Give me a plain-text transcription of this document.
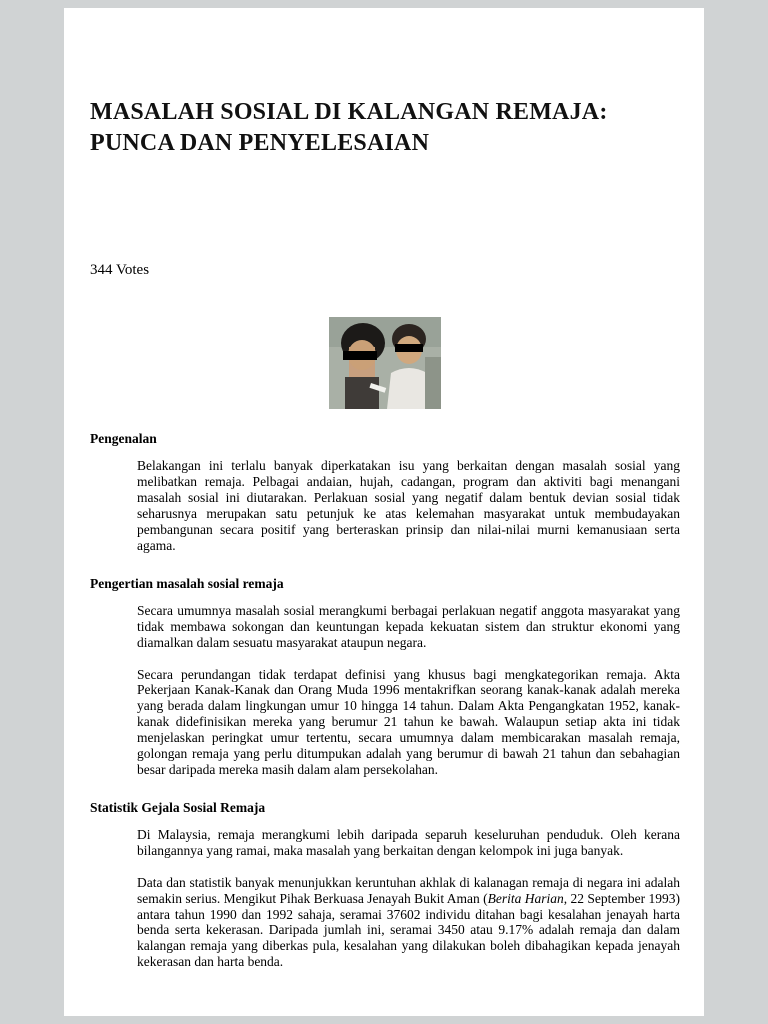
MASALAH SOSIAL DI KALANGAN REMAJA: PUNCA DAN PENYELESAIAN
344 Votes
Pengenalan

Belakangan ini terlalu banyak diperkatakan isu yang berkaitan dengan masalah sosial yang melibatkan remaja. Pelbagai andaian, hujah, cadangan, program dan aktiviti bagi menangani masalah sosial ini diutarakan. Perlakuan sosial yang negatif dalam bentuk devian sosial tidak seharusnya merupakan satu petunjuk ke atas kelemahan masyarakat untuk membudayakan pembangunan secara positif yang berteraskan prinsip dan nilai-nilai murni kemanusiaan serta agama.

Pengertian masalah sosial remaja

Secara umumnya masalah sosial merangkumi berbagai perlakuan negatif anggota masyarakat yang tidak membawa sokongan dan keuntungan kepada kekuatan sistem dan struktur ekonomi yang diamalkan dalam sesuatu masyarakat ataupun negara.

Secara perundangan tidak terdapat definisi yang khusus bagi mengkategorikan remaja. Akta Pekerjaan Kanak-Kanak dan Orang Muda 1996 mentakrifkan seorang kanak-kanak adalah mereka yang berada dalam lingkungan umur 10 hingga 14 tahun. Dalam Akta Pengangkatan 1952, kanak-kanak didefinisikan mereka yang berumur 21 tahun ke bawah. Walaupun setiap akta ini tidak menjelaskan peringkat umur tertentu, secara umumnya dalam membicarakan masalah remaja, golongan remaja yang perlu ditumpukan adalah yang berumur di bawah 21 tahun dan sebahagian besar daripada mereka masih dalam alam persekolahan.

Statistik Gejala Sosial Remaja

Di Malaysia, remaja merangkumi lebih daripada separuh keseluruhan penduduk. Oleh kerana bilangannya yang ramai, maka masalah yang berkaitan dengan kelompok ini juga banyak.

Data dan statistik banyak menunjukkan keruntuhan akhlak di kalanagan remaja di negara ini adalah semakin serius. Mengikut Pihak Berkuasa Jenayah Bukit Aman (Berita Harian, 22 September 1993) antara tahun 1990 dan 1992 sahaja, seramai 37602 individu ditahan bagi kesalahan jenayah harta benda serta kekerasan. Daripada jumlah ini, seramai 3450 atau 9.17% adalah remaja dan dalam kalangan remaja yang diberkas pula, kesalahan yang dilakukan boleh dibahagikan kepada jenayah kekerasan dan harta benda.
